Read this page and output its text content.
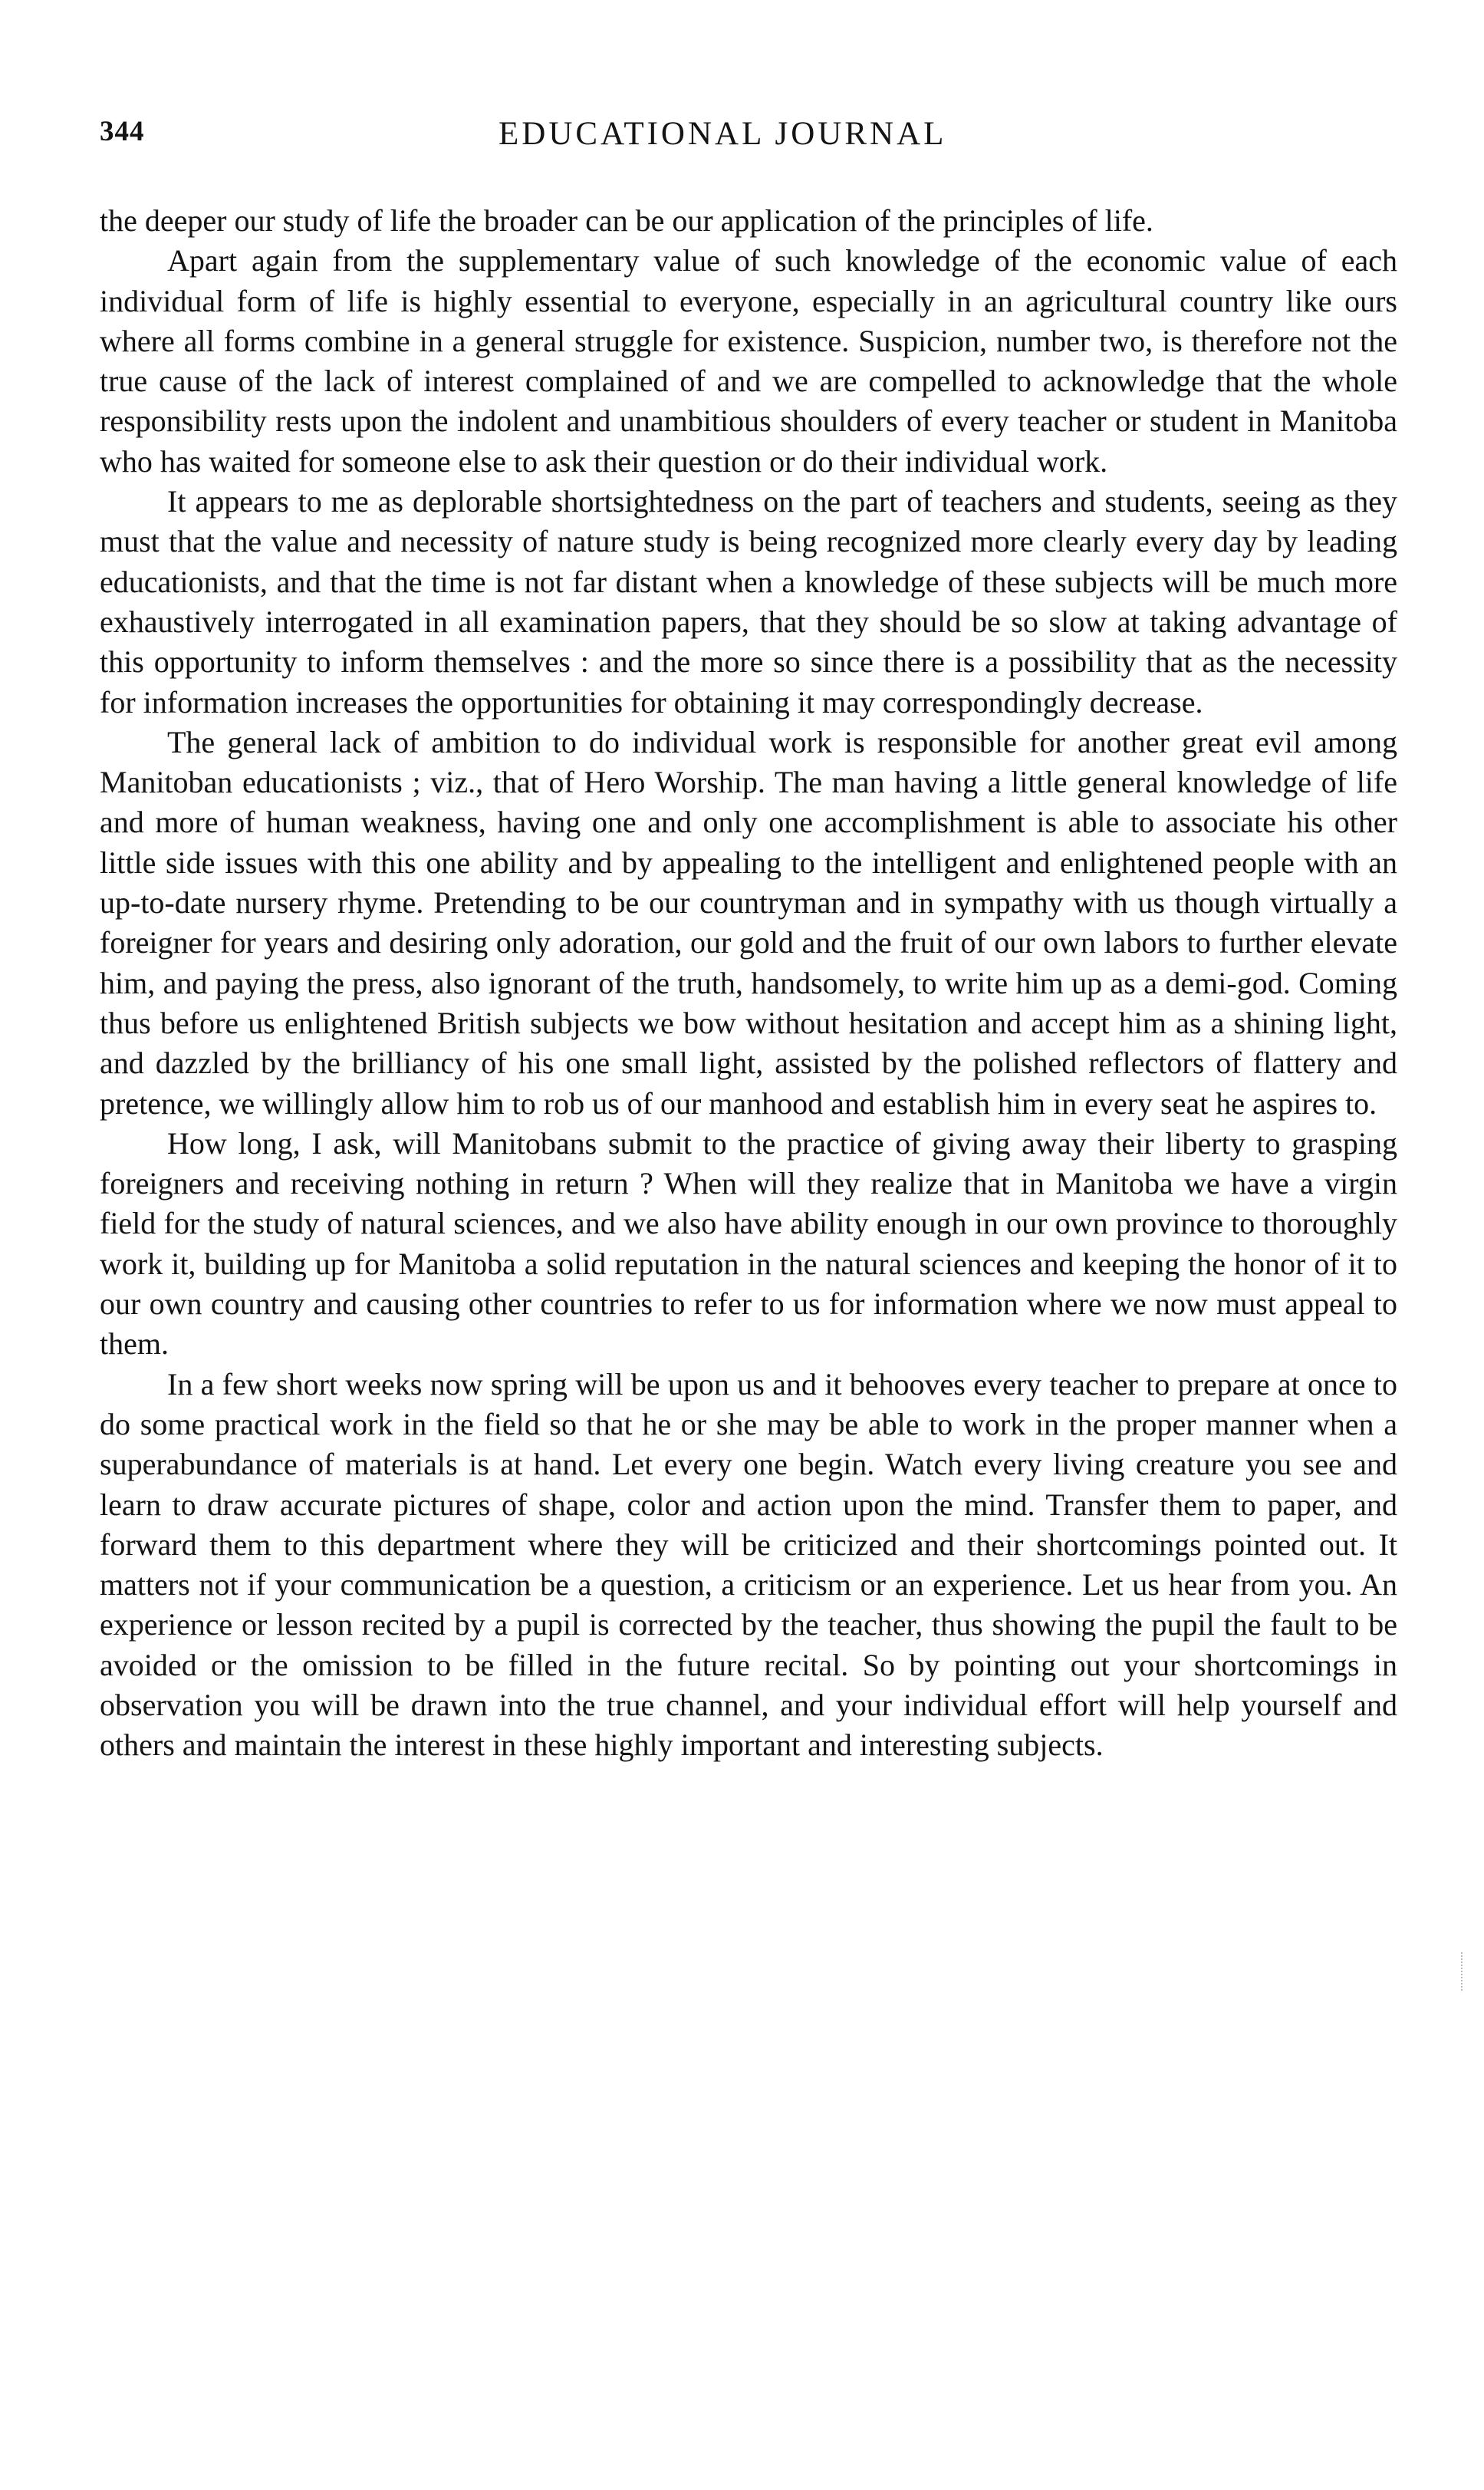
344	EDUCATIONAL JOURNAL

the deeper our study of life the broader can be our application of the principles of life.

Apart again from the supplementary value of such knowledge of the economic value of each individual form of life is highly essential to everyone, especially in an agricultural country like ours where all forms combine in a general struggle for existence. Suspicion, number two, is therefore not the true cause of the lack of interest complained of and we are compelled to acknowledge that the whole responsibility rests upon the indolent and unambitious shoulders of every teacher or student in Manitoba who has waited for someone else to ask their question or do their individual work.

It appears to me as deplorable shortsightedness on the part of teachers and students, seeing as they must that the value and necessity of nature study is being recognized more clearly every day by leading educationists, and that the time is not far distant when a knowledge of these subjects will be much more exhaustively interrogated in all examination papers, that they should be so slow at taking advantage of this opportunity to inform themselves : and the more so since there is a possibility that as the necessity for information increases the opportunities for obtaining it may correspondingly decrease.

The general lack of ambition to do individual work is responsible for another great evil among Manitoban educationists ; viz., that of Hero Worship. The man having a little general knowledge of life and more of human weakness, having one and only one accomplishment is able to associate his other little side issues with this one ability and by appealing to the intelligent and enlightened people with an up-to-date nursery rhyme. Pretending to be our countryman and in sympathy with us though virtually a foreigner for years and desiring only adoration, our gold and the fruit of our own labors to further elevate him, and paying the press, also ignorant of the truth, handsomely, to write him up as a demi-god. Coming thus before us enlightened British subjects we bow without hesitation and accept him as a shining light, and dazzled by the brilliancy of his one small light, assisted by the polished reflectors of flattery and pretence, we willingly allow him to rob us of our manhood and establish him in every seat he aspires to.

How long, I ask, will Manitobans submit to the practice of giving away their liberty to grasping foreigners and receiving nothing in return ? When will they realize that in Manitoba we have a virgin field for the study of natural sciences, and we also have ability enough in our own province to thoroughly work it, building up for Manitoba a solid reputation in the natural sciences and keeping the honor of it to our own country and causing other countries to refer to us for information where we now must appeal to them.

In a few short weeks now spring will be upon us and it behooves every teacher to prepare at once to do some practical work in the field so that he or she may be able to work in the proper manner when a superabundance of materials is at hand. Let every one begin. Watch every living creature you see and learn to draw accurate pictures of shape, color and action upon the mind. Transfer them to paper, and forward them to this department where they will be criticized and their shortcomings pointed out. It matters not if your communication be a question, a criticism or an experience. Let us hear from you. An experience or lesson recited by a pupil is corrected by the teacher, thus showing the pupil the fault to be avoided or the omission to be filled in the future recital. So by pointing out your shortcomings in observation you will be drawn into the true channel, and your individual effort will help yourself and others and maintain the interest in these highly important and interesting subjects.
